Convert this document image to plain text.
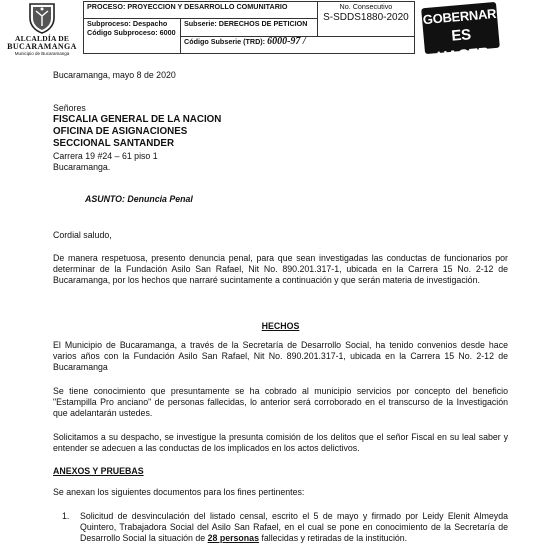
ALCALDÍA DE
BUCARAMANGA
Municipio de Bucaramanga
PROCESO: PROYECCION Y DESARROLLO COMUNITARIO		No. Consecutivo
S-SDDS1880-2020

Subproceso: Despacho
Código Subproceso: 6000	Subserie: DERECHOS DE PETICION	
	Código Subserie (TRD): 6000-97 /	
GOBERNAR
ES HACER
Bucaramanga, mayo 8 de 2020
Señores
FISCALIA GENERAL DE LA NACION
OFICINA DE ASIGNACIONES
SECCIONAL SANTANDER
Carrera 19 #24 – 61 piso 1
Bucaramanga.
ASUNTO: Denuncia Penal
Cordial saludo,
De manera respetuosa, presento denuncia penal, para que sean investigadas las conductas de funcionarios por determinar de la Fundación Asilo San Rafael, Nit No. 890.201.317-1, ubicada en la Carrera 15 No. 2-12 de Bucaramanga, por los hechos que narraré sucintamente a continuación y que serán materia de investigación.
HECHOS
El Municipio de Bucaramanga, a través de la Secretaría de Desarrollo Social, ha tenido convenios desde hace varios años con la Fundación Asilo San Rafael, Nit No. 890.201.317-1, ubicada en la Carrera 15 No. 2-12 de Bucaramanga
Se tiene conocimiento que presuntamente se ha cobrado al municipio servicios por concepto del beneficio "Estampilla Pro anciano" de personas fallecidas, lo anterior será corroborado en el transcurso de la Investigación que adelantarán ustedes.
Solicitamos a su despacho, se investigue la presunta comisión de los delitos que el señor Fiscal en su leal saber y entender se adecuen a las conductas de los implicados en los actos delictivos.
ANEXOS Y PRUEBAS
Se anexan los siguientes documentos para los fines pertinentes:
1. Solicitud de desvinculación del listado censal, escrito el 5 de mayo y firmado por Leidy Elenit Almeyda Quintero, Trabajadora Social del Asilo San Rafael, en el cual se pone en conocimiento de la Secretaría de Desarrollo Social la situación de 28 personas fallecidas y retiradas de la institución.
